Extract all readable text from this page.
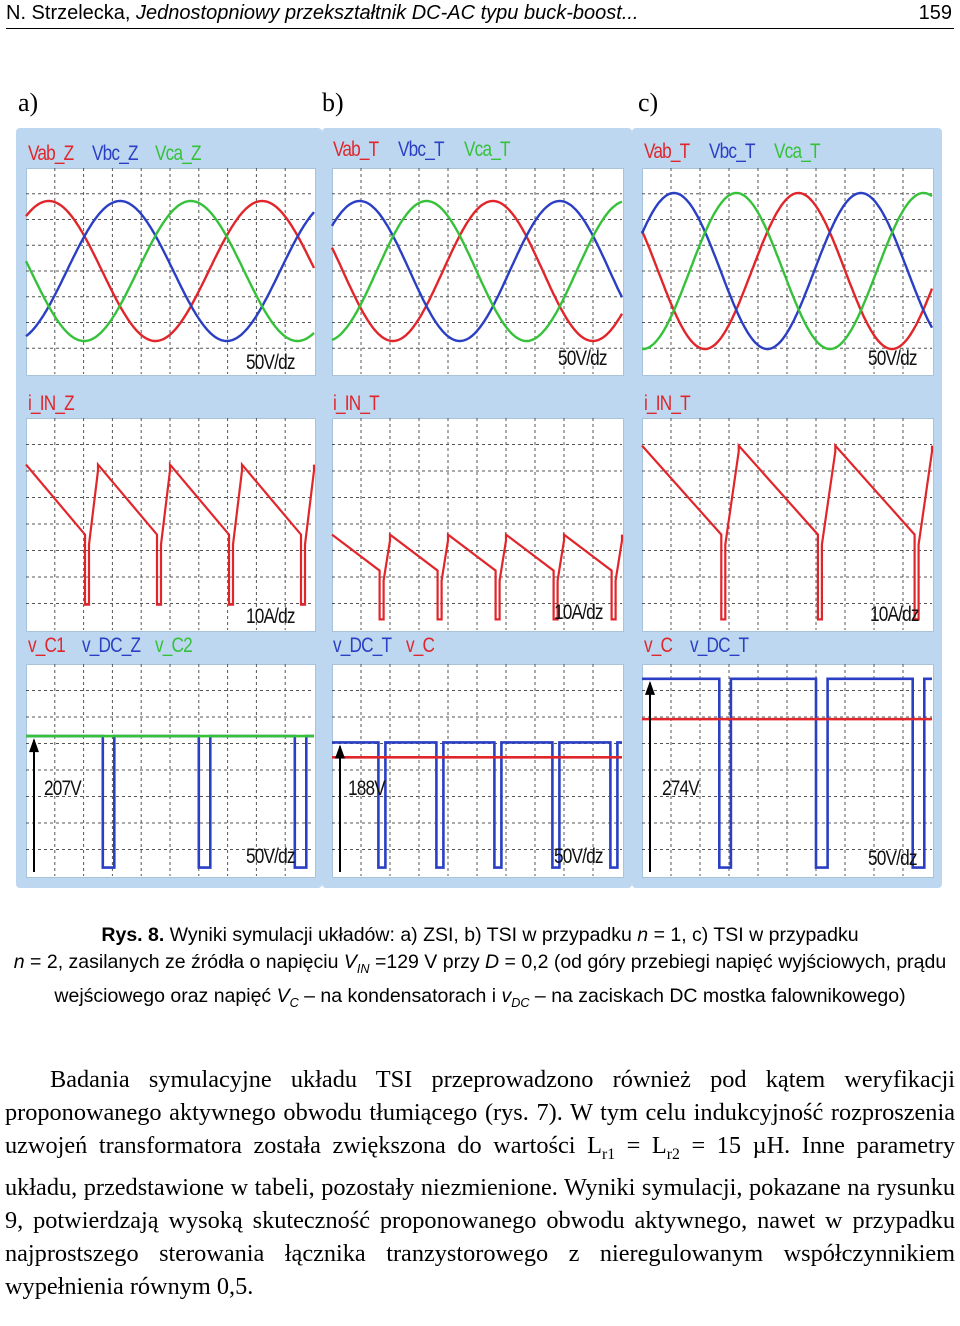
N. Strzelecka, Jednostopniowy przekształtnik DC-AC typu buck-boost...	159
a)	b)	c)
Vab_Z Vbc_Z Vca_Z
50V/dz
i_IN_Z
10A/dz
v_C1 v_DC_Z v_C2
207V
50V/dz
Vab_T Vbc_T Vca_T
50V/dz
i_IN_T
10A/dz
v_DC_T v_C
188V
50V/dz
Vab_T Vbc_T Vca_T
50V/dz
i_IN_T
10A/dz
v_C v_DC_T
274V
50V/dz
Rys. 8. Wyniki symulacji układów: a) ZSI, b) TSI w przypadku n = 1, c) TSI w przypadku
n = 2, zasilanych ze źródła o napięciu $V_{IN} =129$ V przy D = 0,2 (od góry przebiegi napięć wyjściowych, prądu wejściowego oraz napięć $V_C$ – na kondensatorach i $v_{DC}$ – na zaciskach DC mostka falownikowego)

Badania symulacyjne układu TSI przeprowadzono również pod kątem weryfikacji proponowanego aktywnego obwodu tłumiącego (rys. 7). W tym celu indukcyjność rozproszenia uzwojeń transformatora została zwiększona do wartości $L_{r1} = L_{r2} = 15$ µH. Inne parametry układu, przedstawione w tabeli, pozostały niezmienione. Wyniki symulacji, pokazane na rysunku 9, potwierdzają wysoką skuteczność proponowanego obwodu aktywnego, nawet w przypadku najprostszego sterowania łącznika tranzystorowego z nieregulowanym współczynnikiem wypełnienia równym 0,5.
